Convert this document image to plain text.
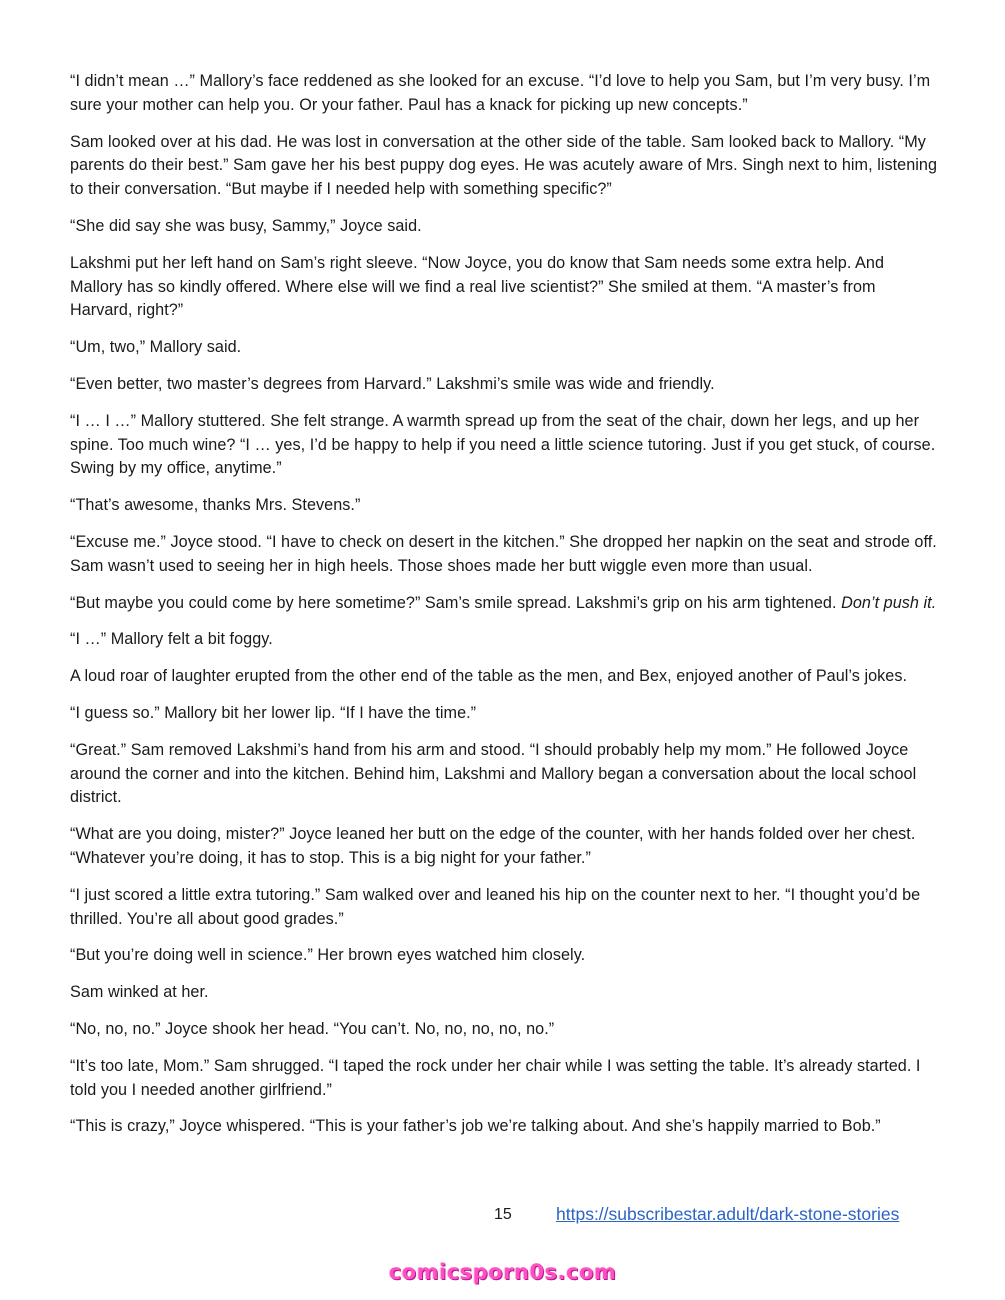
“I didn’t mean …” Mallory’s face reddened as she looked for an excuse. “I’d love to help you Sam, but I’m very busy. I’m sure your mother can help you. Or your father. Paul has a knack for picking up new concepts.”

Sam looked over at his dad. He was lost in conversation at the other side of the table. Sam looked back to Mallory. “My parents do their best.” Sam gave her his best puppy dog eyes. He was acutely aware of Mrs. Singh next to him, listening to their conversation. “But maybe if I needed help with something specific?”

“She did say she was busy, Sammy,” Joyce said.

Lakshmi put her left hand on Sam’s right sleeve. “Now Joyce, you do know that Sam needs some extra help. And Mallory has so kindly offered. Where else will we find a real live scientist?” She smiled at them. “A master’s from Harvard, right?”

“Um, two,” Mallory said.

“Even better, two master’s degrees from Harvard.” Lakshmi’s smile was wide and friendly.

“I … I …” Mallory stuttered. She felt strange. A warmth spread up from the seat of the chair, down her legs, and up her spine. Too much wine? “I … yes, I’d be happy to help if you need a little science tutoring. Just if you get stuck, of course. Swing by my office, anytime.”

“That’s awesome, thanks Mrs. Stevens.”

“Excuse me.” Joyce stood. “I have to check on desert in the kitchen.” She dropped her napkin on the seat and strode off. Sam wasn’t used to seeing her in high heels. Those shoes made her butt wiggle even more than usual.

“But maybe you could come by here sometime?” Sam’s smile spread. Lakshmi’s grip on his arm tightened. Don’t push it.

“I …” Mallory felt a bit foggy.

A loud roar of laughter erupted from the other end of the table as the men, and Bex, enjoyed another of Paul’s jokes.

“I guess so.” Mallory bit her lower lip. “If I have the time.”

“Great.” Sam removed Lakshmi’s hand from his arm and stood. “I should probably help my mom.” He followed Joyce around the corner and into the kitchen. Behind him, Lakshmi and Mallory began a conversation about the local school district.

“What are you doing, mister?” Joyce leaned her butt on the edge of the counter, with her hands folded over her chest. “Whatever you’re doing, it has to stop. This is a big night for your father.”

“I just scored a little extra tutoring.” Sam walked over and leaned his hip on the counter next to her. “I thought you’d be thrilled. You’re all about good grades.”

“But you’re doing well in science.” Her brown eyes watched him closely.

Sam winked at her.

“No, no, no.” Joyce shook her head. “You can’t. No, no, no, no, no.”

“It’s too late, Mom.” Sam shrugged. “I taped the rock under her chair while I was setting the table. It’s already started. I told you I needed another girlfriend.”

“This is crazy,” Joyce whispered. “This is your father’s job we’re talking about. And she’s happily married to Bob.”

15	https://subscribestar.adult/dark-stone-stories
comicsporn0s.com
